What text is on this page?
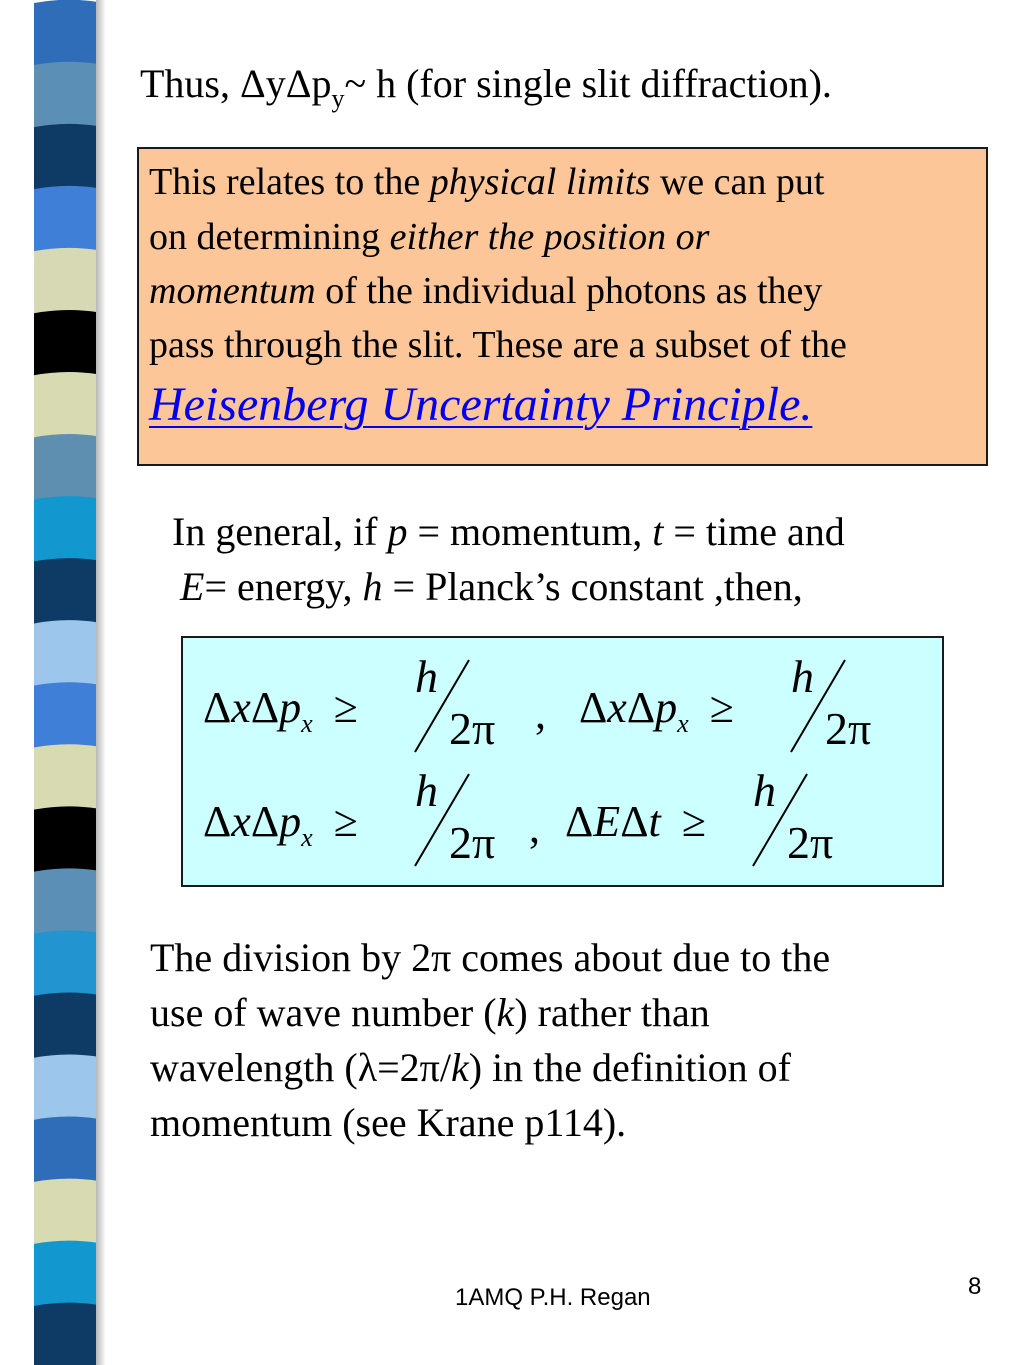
Thus, ΔyΔp$_y$~ h (for single slit diffraction).
This relates to the physical limits we can put
on determining either the position or
momentum of the individual photons as they
pass through the slit. These are a subset of the
Heisenberg Uncertainty Principle.
In general, if p = momentum, t = time and
E= energy, h = Planck’s constant ,then,
ΔxΔp$_x$ ≥
h
2π , ΔxΔp$_x$ ≥
h
2π
ΔxΔp$_x$ ≥
h
2π , ΔEΔt ≥
h
2π
The division by 2π comes about due to the
use of wave number (k) rather than
wavelength (λ=2π/k) in the definition of
momentum (see Krane p114).
1AMQ P.H. Regan	8
